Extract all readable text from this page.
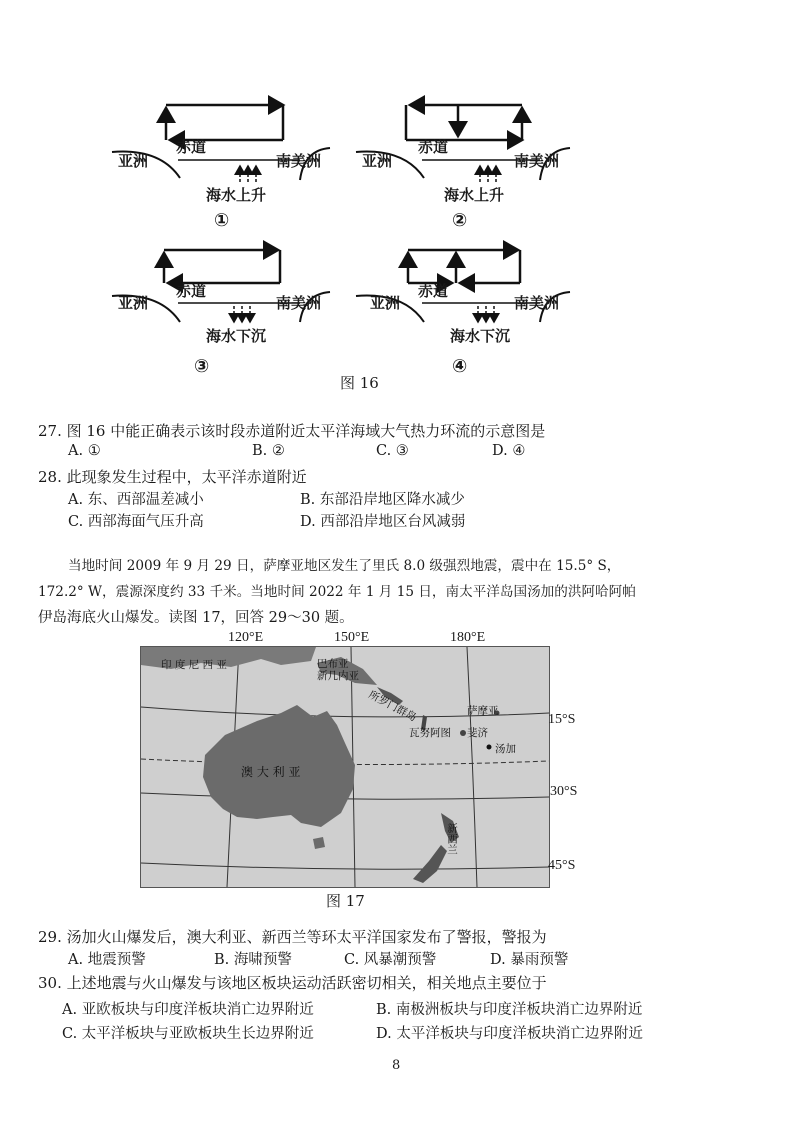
亚洲
赤道
南美洲
海水上升
①
亚洲
赤道
南美洲
海水上升
②
亚洲
赤道
南美洲
海水下沉
③
亚洲
赤道
南美洲
海水下沉
④
图 16
27. 图 16 中能正确表示该时段赤道附近太平洋海域大气热力环流的示意图是
A. ①	B. ②	C. ③	D. ④
28. 此现象发生过程中，太平洋赤道附近
A. 东、西部温差减小	B. 东部沿岸地区降水减少
C. 西部海面气压升高	D. 西部沿岸地区台风减弱
当地时间 2009 年 9 月 29 日，萨摩亚地区发生了里氏 8.0 级强烈地震，震中在 15.5° S，
172.2° W，震源深度约 33 千米。当地时间 2022 年 1 月 15 日，南太平洋岛国汤加的洪阿哈阿帕
伊岛海底火山爆发。读图 17，回答 29～30 题。
120°E	150°E	180°E
印 度 尼 西 亚	巴布亚
新几内亚
所罗门群岛	萨摩亚
瓦努阿图 斐济
汤加
澳 大 利 亚
新西兰
15°S
30°S
45°S
图 17
29. 汤加火山爆发后，澳大利亚、新西兰等环太平洋国家发布了警报，警报为
A. 地震预警	B. 海啸预警	C. 风暴潮预警	D. 暴雨预警
30. 上述地震与火山爆发与该地区板块运动活跃密切相关，相关地点主要位于
A. 亚欧板块与印度洋板块消亡边界附近	B. 南极洲板块与印度洋板块消亡边界附近
C. 太平洋板块与亚欧板块生长边界附近	D. 太平洋板块与印度洋板块消亡边界附近
8
